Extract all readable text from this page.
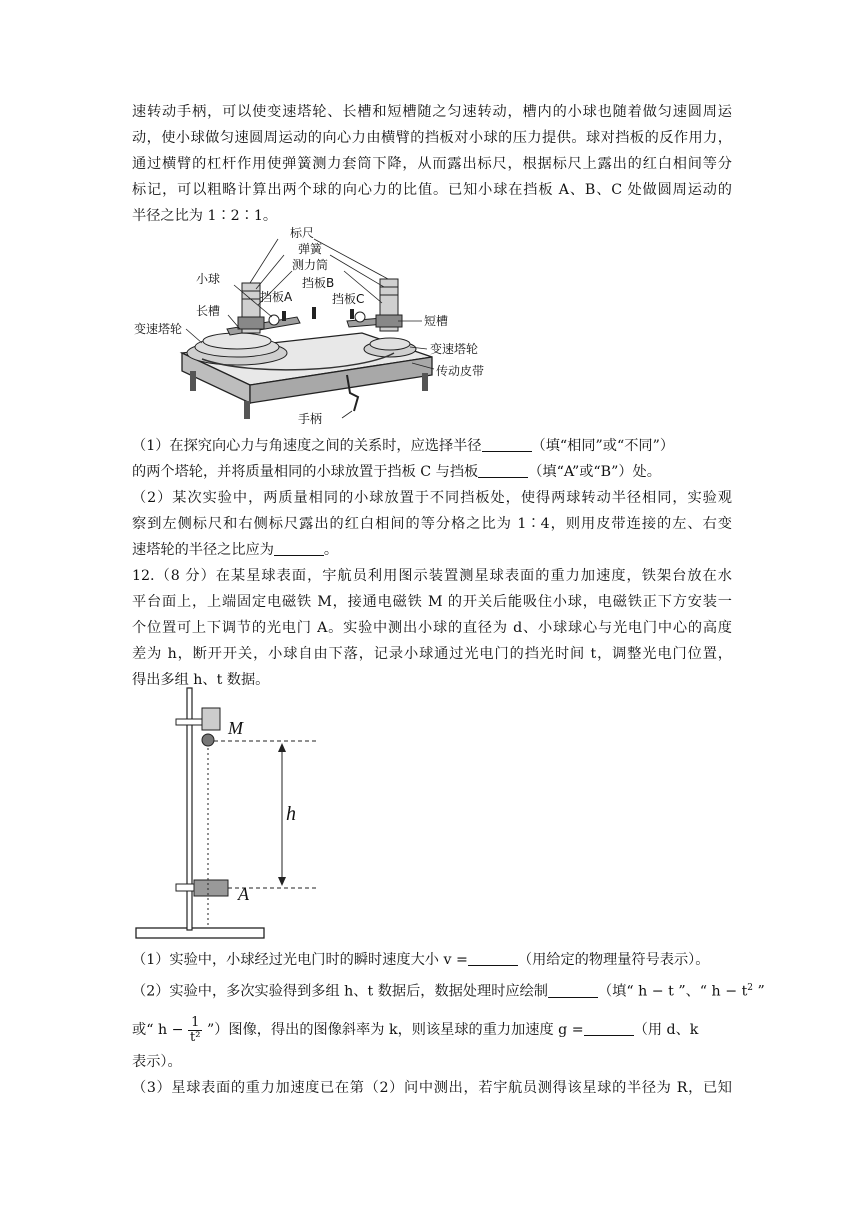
速转动手柄，可以使变速塔轮、长槽和短槽随之匀速转动，槽内的小球也随着做匀速圆周运
动，使小球做匀速圆周运动的向心力由横臂的挡板对小球的压力提供。球对挡板的反作用力，
通过横臂的杠杆作用使弹簧测力套筒下降，从而露出标尺，根据标尺上露出的红白相间等分
标记，可以粗略计算出两个球的向心力的比值。已知小球在挡板 A、B、C 处做圆周运动的
半径之比为 1∶2∶1。
标尺
弹簧
测力筒
小球
挡板A
挡板B
挡板C
长槽
短槽
变速塔轮
变速塔轮
传动皮带
手柄
（1）在探究向心力与角速度之间的关系时，应选择半径	（填“相同”或“不同”）
的两个塔轮，并将质量相同的小球放置于挡板 C 与挡板	（填“A”或“B”）处。
（2）某次实验中，两质量相同的小球放置于不同挡板处，使得两球转动半径相同，实验观
察到左侧标尺和右侧标尺露出的红白相间的等分格之比为 1∶4，则用皮带连接的左、右变
速塔轮的半径之比应为	。
12.（8 分）在某星球表面，宇航员利用图示装置测星球表面的重力加速度，铁架台放在水
平台面上，上端固定电磁铁 M，接通电磁铁 M 的开关后能吸住小球，电磁铁正下方安装一
个位置可上下调节的光电门 A。实验中测出小球的直径为 d、小球球心与光电门中心的高度
差为 h，断开开关，小球自由下落，记录小球通过光电门的挡光时间 t，调整光电门位置，
得出多组 h、t 数据。
M
h
A
（1）实验中，小球经过光电门时的瞬时速度大小 v =	（用给定的物理量符号表示）。
（2）实验中，多次实验得到多组 h、t 数据后，数据处理时应绘制	（填“ h − t ”、“ $h - t^2$ ”
或“ $h - \frac{1}{\text{t²}}$ ”）图像，得出的图像斜率为 k，则该星球的重力加速度 g =	（用 d、k
表示）。
（3）星球表面的重力加速度已在第（2）问中测出，若宇航员测得该星球的半径为 R，已知
